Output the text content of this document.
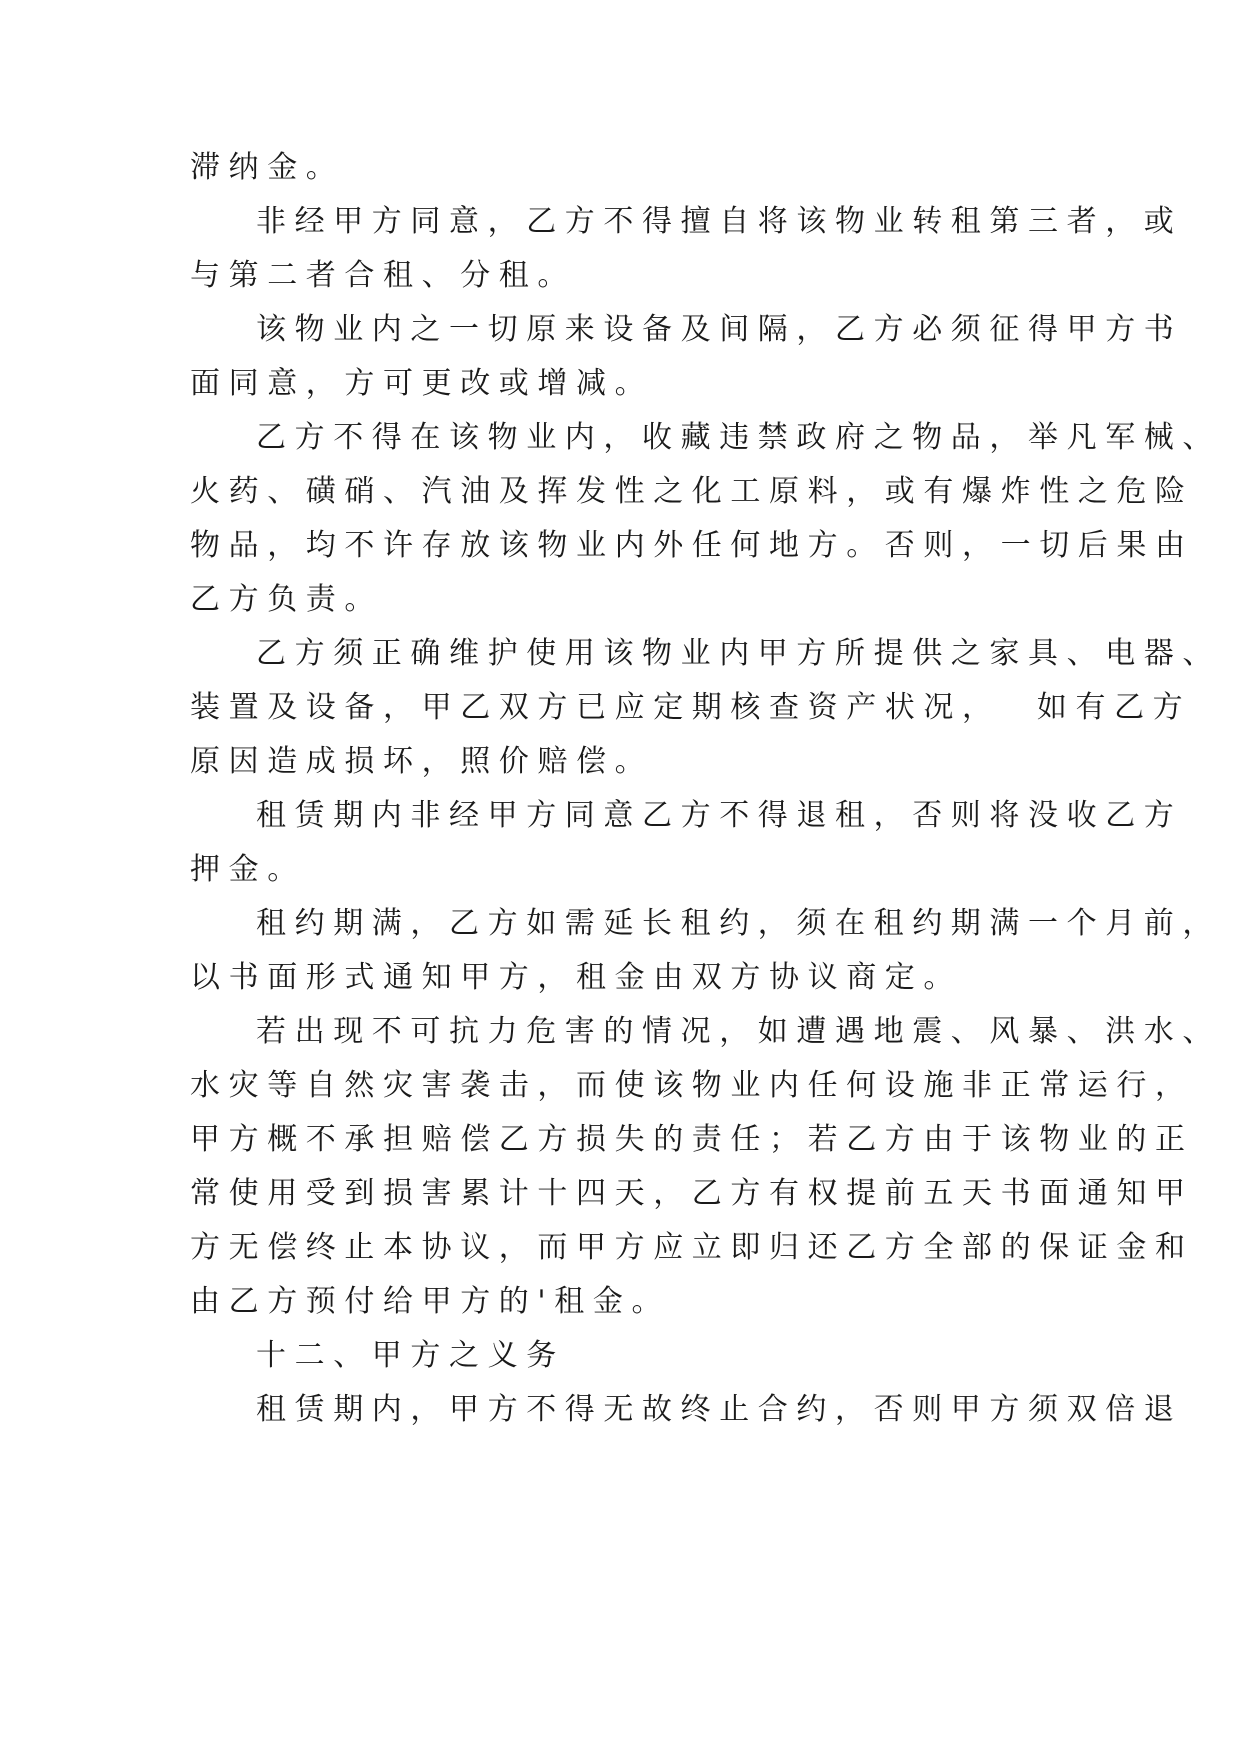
滞纳金。
非经甲方同意，乙方不得擅自将该物业转租第三者，或
与第二者合租、分租。
该物业内之一切原来设备及间隔，乙方必须征得甲方书
面同意，方可更改或增减。
乙方不得在该物业内，收藏违禁政府之物品，举凡军械、
火药、磺硝、汽油及挥发性之化工原料，或有爆炸性之危险
物品，均不许存放该物业内外任何地方。否则，一切后果由
乙方负责。
乙方须正确维护使用该物业内甲方所提供之家具、电器、
装置及设备，甲乙双方已应定期核查资产状况，  如有乙方
原因造成损坏，照价赔偿。
租赁期内非经甲方同意乙方不得退租，否则将没收乙方
押金。
租约期满，乙方如需延长租约，须在租约期满一个月前，
以书面形式通知甲方，租金由双方协议商定。
若出现不可抗力危害的情况，如遭遇地震、风暴、洪水、
水灾等自然灾害袭击，而使该物业内任何设施非正常运行，
甲方概不承担赔偿乙方损失的责任；若乙方由于该物业的正
常使用受到损害累计十四天，乙方有权提前五天书面通知甲
方无偿终止本协议，而甲方应立即归还乙方全部的保证金和
由乙方预付给甲方的'租金。
十二、甲方之义务
租赁期内，甲方不得无故终止合约，否则甲方须双倍退
